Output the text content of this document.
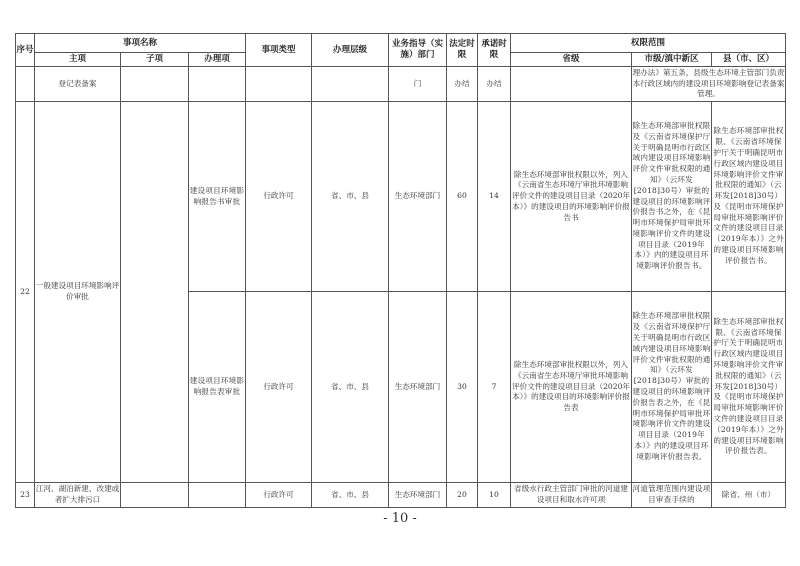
序号	事项名称			事项类型	办理层级	业务指导（实施）部门	法定时限	承诺时限	权限范围		
	主项	子项	办理项						省级	市级/滇中新区	县（市、区）
	登记表备案					门	办结	办结		理办法》第五条，县级生态环境主管部门负责本行政区域内的建设项目环境影响登记表备案管理。	
22	一般建设项目环境影响评价审批		建设项目环境影响报告书审批	行政许可	省、市、县	生态环境部门	60	14	除生态环境部审批权限以外，列入《云南省生态环境厅审批环境影响评价文件的建设项目目录（2020年本）》的建设项目的环境影响评价报告书	除生态环境部审批权限及《云南省环境保护厅关于明确昆明市行政区域内建设项目环境影响评价文件审批权限的通知》（云环发[2018]30号）审批的建设项目的环境影响评价报告书之外，在《昆明市环境保护局审批环境影响评价文件的建设项目目录（2019年本）》内的建设项目环境影响评价报告书。	除生态环境部审批权限、《云南省环境保护厅关于明确昆明市行政区域内建设项目环境影响评价文件审批权限的通知》（云环发[2018]30号）及《昆明市环境保护局审批环境影响评价文件的建设项目目录（2019年本）》之外的建设项目环境影响评价报告书。
			建设项目环境影响报告表审批	行政许可	省、市、县	生态环境部门	30	7	除生态环境部审批权限以外，列入《云南省生态环境厅审批环境影响评价文件的建设项目目录（2020年本）》的建设项目的环境影响评价报告表	除生态环境部审批权限及《云南省环境保护厅关于明确昆明市行政区域内建设项目环境影响评价文件审批权限的通知》（云环发[2018]30号）审批的建设项目的环境影响评价报告表之外，在《昆明市环境保护局审批环境影响评价文件的建设项目目录（2019年本）》内的建设项目环境影响评价报告表。	除生态环境部审批权限、《云南省环境保护厅关于明确昆明市行政区域内建设项目环境影响评价文件审批权限的通知》（云环发[2018]30号）及《昆明市环境保护局审批环境影响评价文件的建设项目目录（2019年本）》之外的建设项目环境影响评价报告表。
23	江河、湖泊新建、改建或者扩大排污口			行政许可	省、市、县	生态环境部门	20	10	省级水行政主管部门审批的河道建设项目和取水许可项	河道管理范围内建设项目审查手续的	除省、州（市）
- 10 -
